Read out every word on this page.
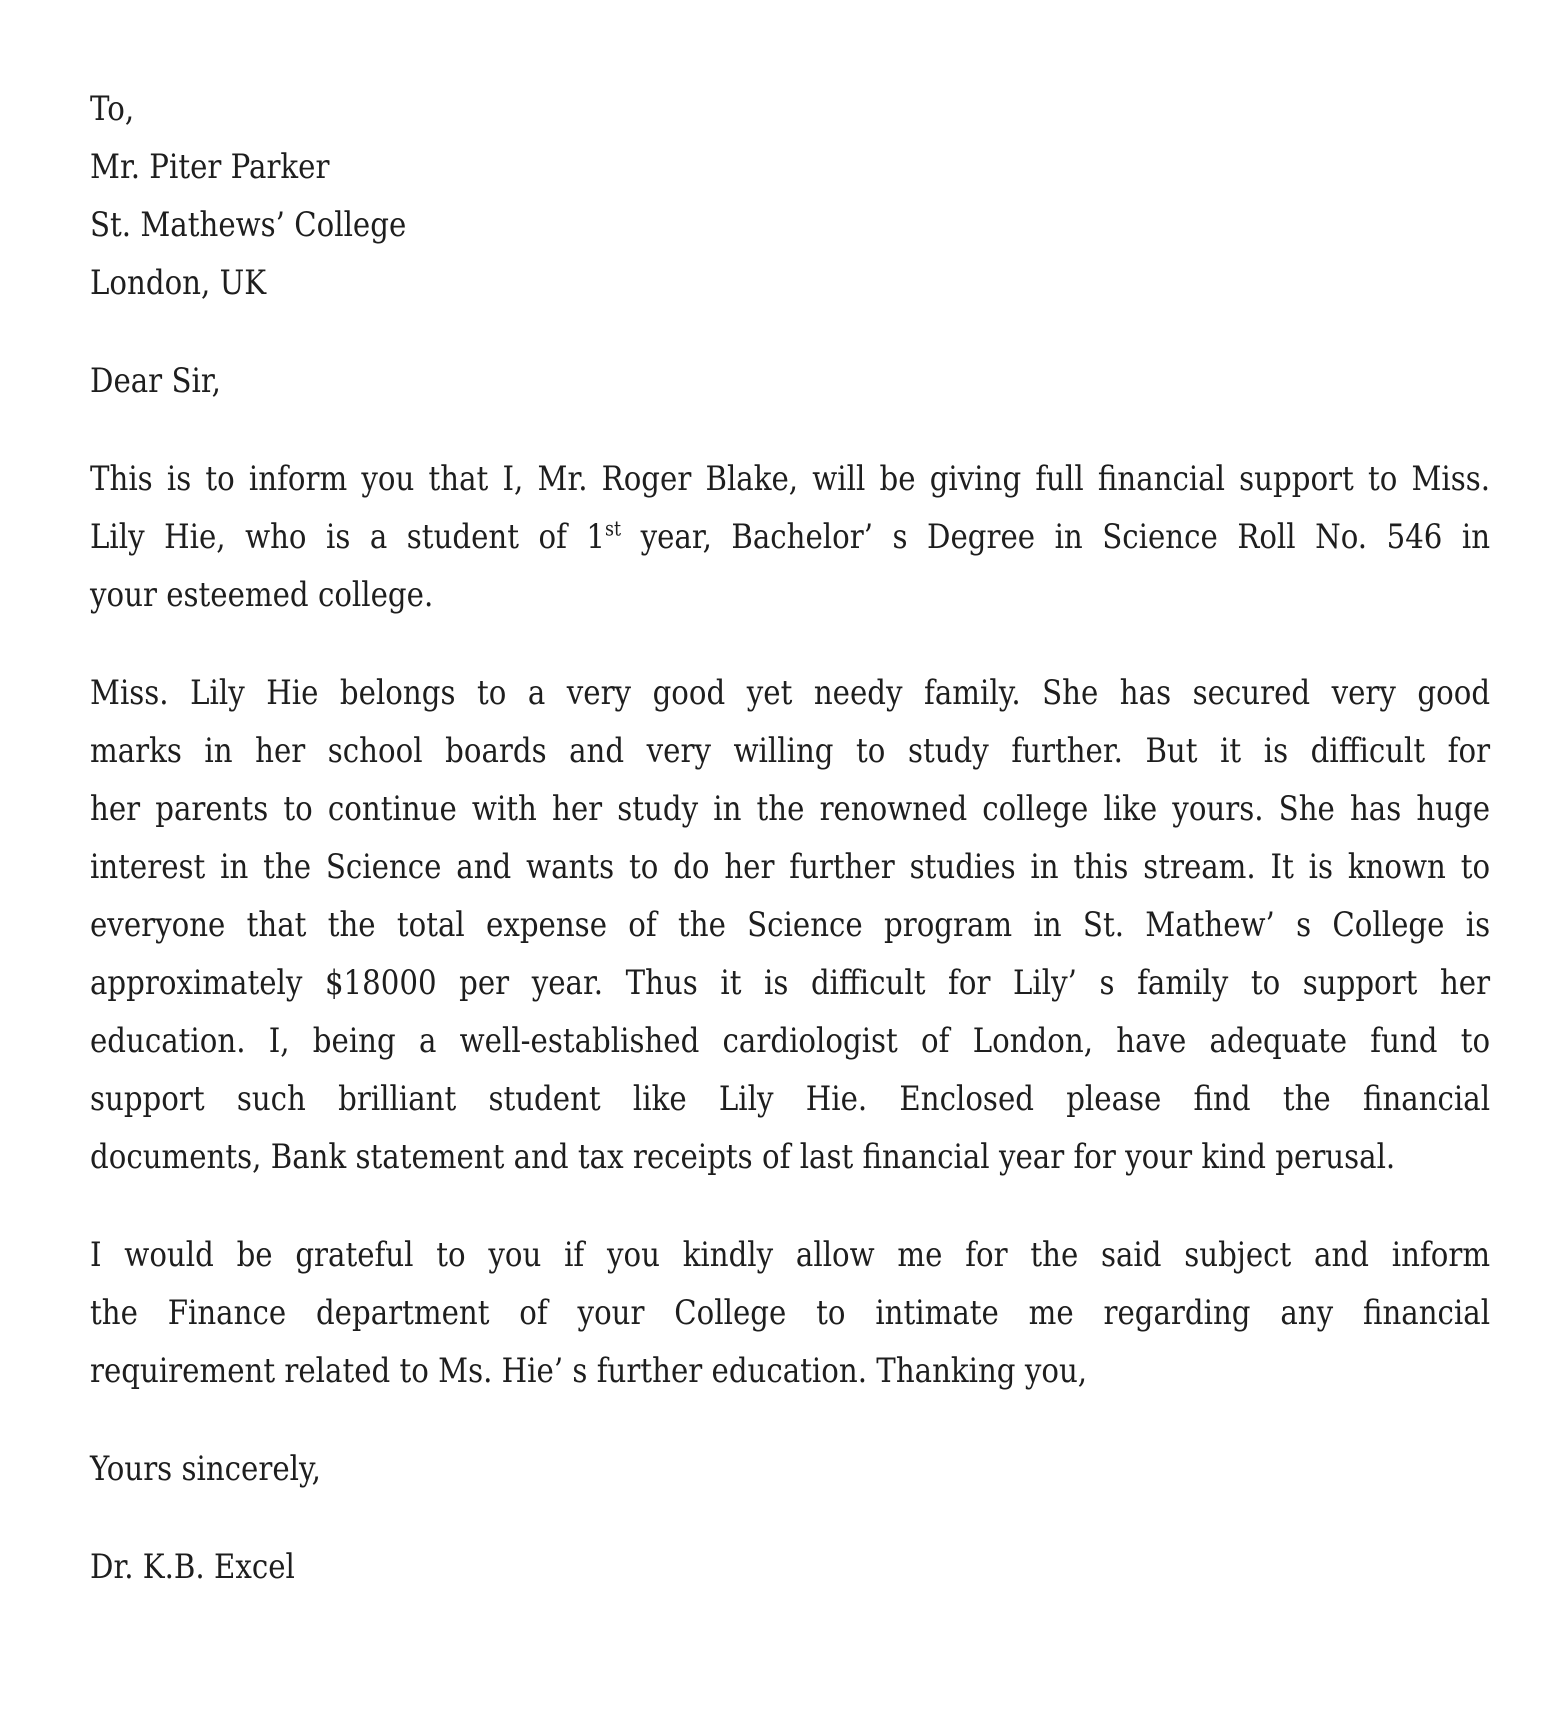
To,
Mr. Piter Parker
St. Mathews’ College
London, UK
Dear Sir,
This is to inform you that I, Mr. Roger Blake, will be giving full financial support to Miss.
Lily Hie, who is a student of 1st year, Bachelor’ s Degree in Science Roll No. 546 in
your esteemed college.
Miss. Lily Hie belongs to a very good yet needy family. She has secured very good
marks in her school boards and very willing to study further. But it is difficult for
her parents to continue with her study in the renowned college like yours. She has huge
interest in the Science and wants to do her further studies in this stream. It is known to
everyone that the total expense of the Science program in St. Mathew’ s College is
approximately $18000 per year. Thus it is difficult for Lily’ s family to support her
education. I, being a well-established cardiologist of London, have adequate fund to
support such brilliant student like Lily Hie. Enclosed please find the financial
documents, Bank statement and tax receipts of last financial year for your kind perusal.
I would be grateful to you if you kindly allow me for the said subject and inform
the Finance department of your College to intimate me regarding any financial
requirement related to Ms. Hie’ s further education. Thanking you,
Yours sincerely,
Dr. K.B. Excel
